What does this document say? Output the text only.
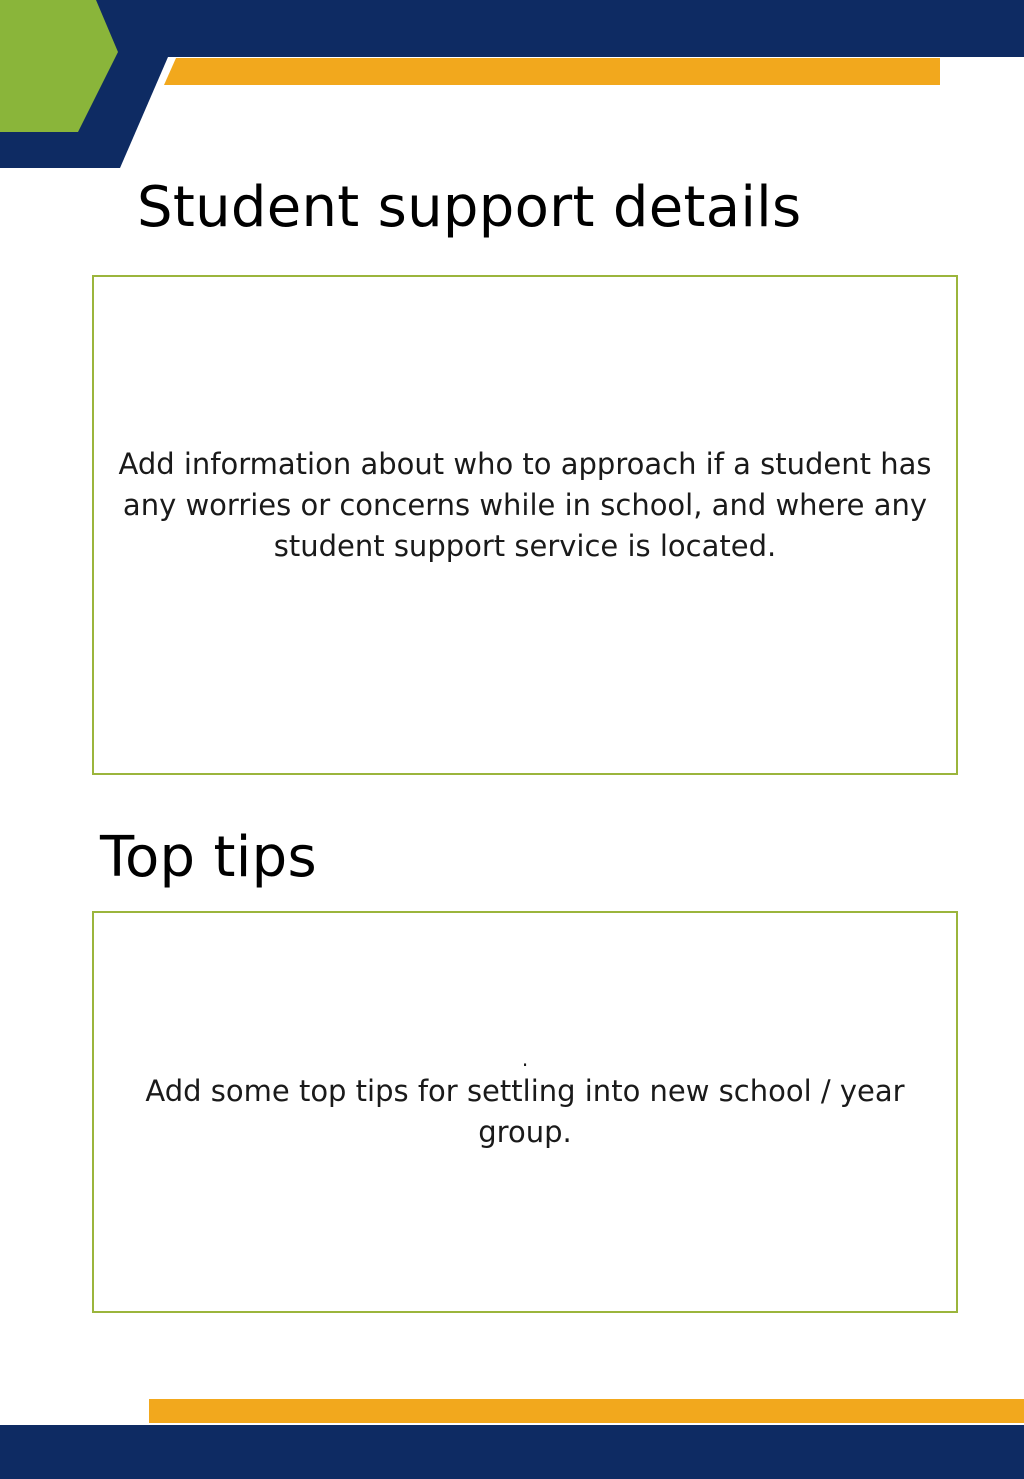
Student support details

Add information about who to approach if a student has any worries or concerns while in school, and where any student support service is located.

Top tips

.
Add some top tips for settling into new school / year group.
